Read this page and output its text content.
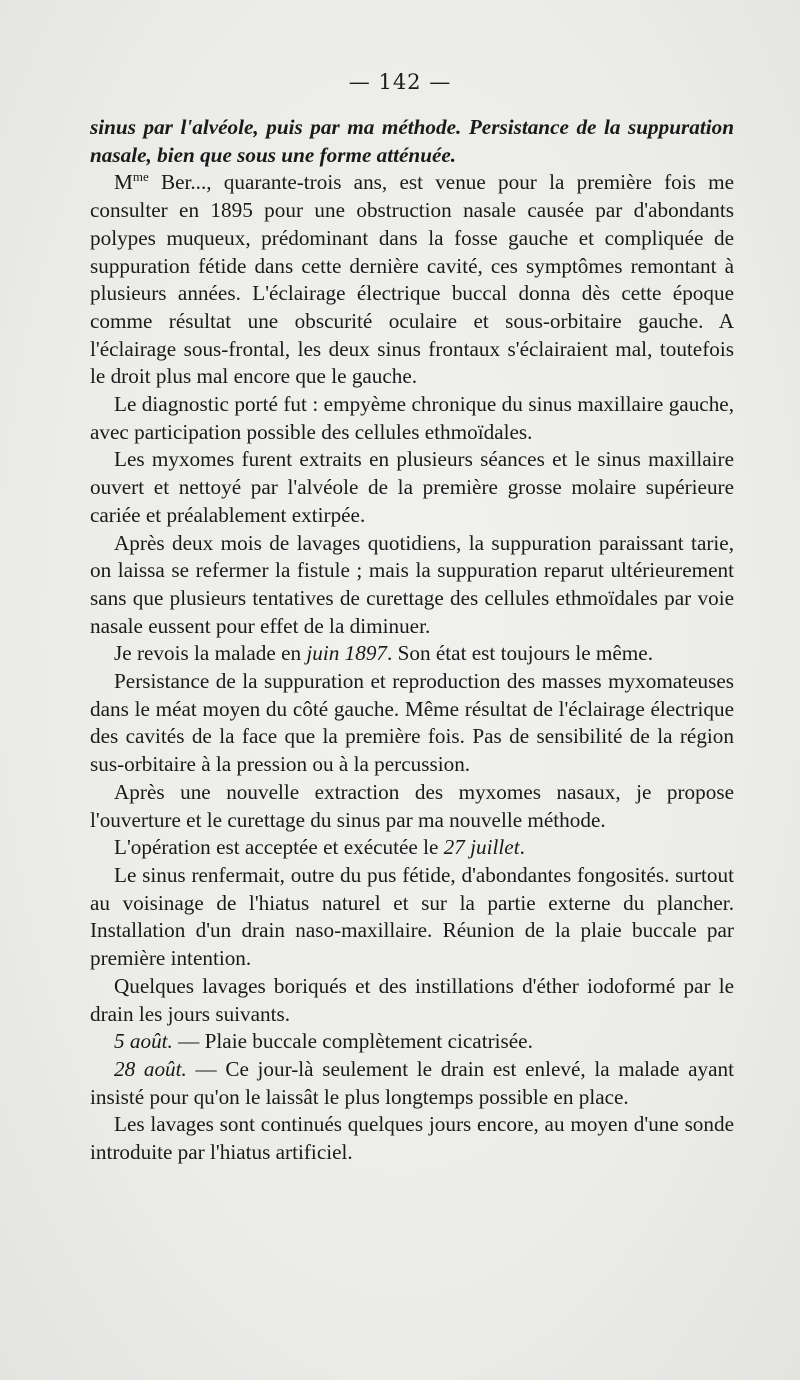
— 142 —

sinus par l'alvéole, puis par ma méthode. Persistance de la suppuration nasale, bien que sous une forme atténuée.

$M^{me}$ Ber..., quarante-trois ans, est venue pour la première fois me consulter en 1895 pour une obstruction nasale causée par d'abondants polypes muqueux, prédominant dans la fosse gauche et compliquée de suppuration fétide dans cette dernière cavité, ces symptômes remontant à plusieurs années. L'éclairage électrique buccal donna dès cette époque comme résultat une obscurité oculaire et sous-orbitaire gauche. A l'éclairage sous-frontal, les deux sinus frontaux s'éclairaient mal, toutefois le droit plus mal encore que le gauche.

Le diagnostic porté fut : empyème chronique du sinus maxillaire gauche, avec participation possible des cellules ethmoïdales.

Les myxomes furent extraits en plusieurs séances et le sinus maxillaire ouvert et nettoyé par l'alvéole de la première grosse molaire supérieure cariée et préalablement extirpée.

Après deux mois de lavages quotidiens, la suppuration paraissant tarie, on laissa se refermer la fistule ; mais la suppuration reparut ultérieurement sans que plusieurs tentatives de curettage des cellules ethmoïdales par voie nasale eussent pour effet de la diminuer.

Je revois la malade en juin 1897. Son état est toujours le même.

Persistance de la suppuration et reproduction des masses myxomateuses dans le méat moyen du côté gauche. Même résultat de l'éclairage électrique des cavités de la face que la première fois. Pas de sensibilité de la région sus-orbitaire à la pression ou à la percussion.

Après une nouvelle extraction des myxomes nasaux, je propose l'ouverture et le curettage du sinus par ma nouvelle méthode.

L'opération est acceptée et exécutée le 27 juillet.

Le sinus renfermait, outre du pus fétide, d'abondantes fongosités. surtout au voisinage de l'hiatus naturel et sur la partie externe du plancher. Installation d'un drain naso-maxillaire. Réunion de la plaie buccale par première intention.

Quelques lavages boriqués et des instillations d'éther iodoformé par le drain les jours suivants.

5 août. — Plaie buccale complètement cicatrisée.

28 août. — Ce jour-là seulement le drain est enlevé, la malade ayant insisté pour qu'on le laissât le plus longtemps possible en place.

Les lavages sont continués quelques jours encore, au moyen d'une sonde introduite par l'hiatus artificiel.
